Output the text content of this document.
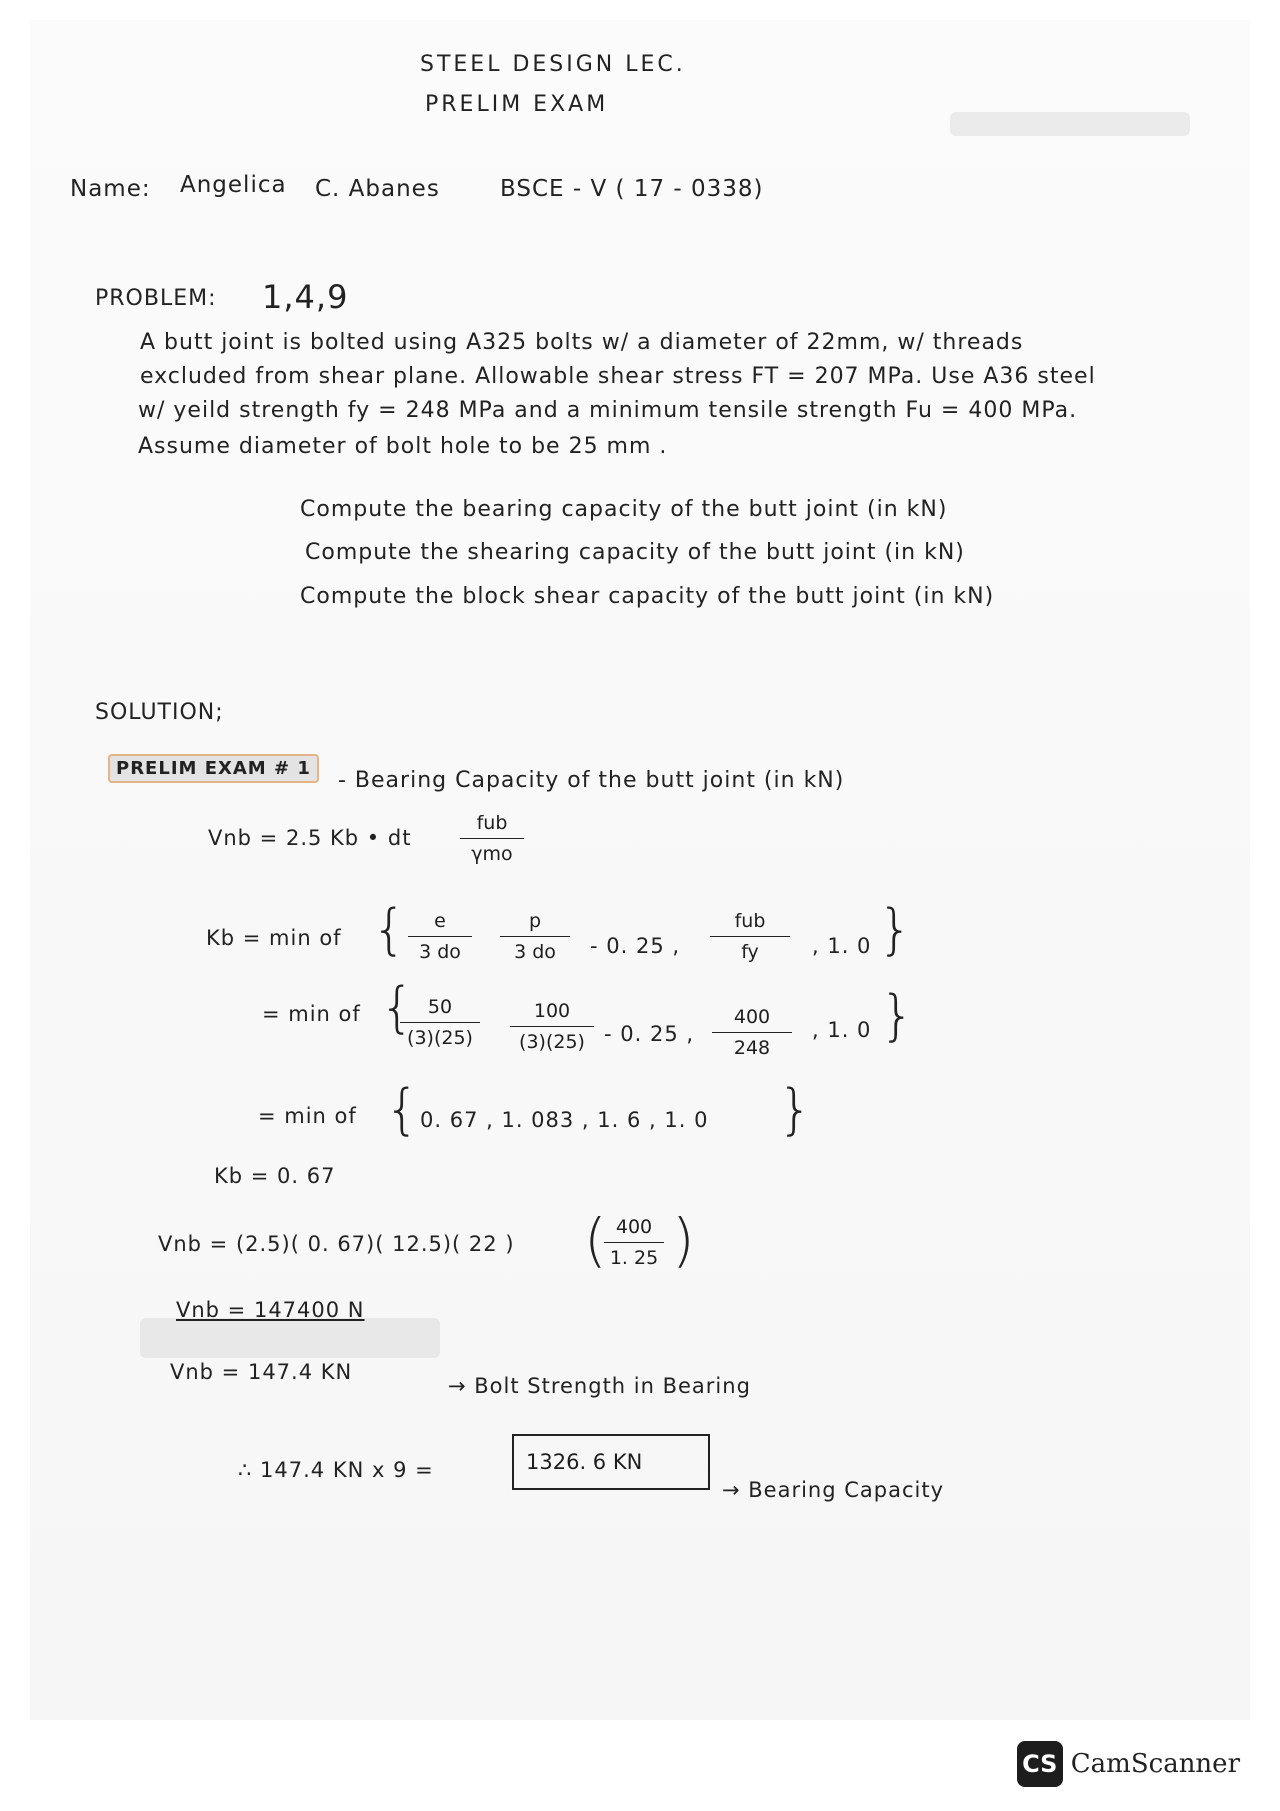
STEEL DESIGN LEC.
PRELIM EXAM
Name: Angelica C. Abanes	BSCE - V ( 17 - 0338)
PROBLEM: 1,4,9
A butt joint is bolted using A325 bolts w/ a diameter of 22mm, w/ threads
excluded from shear plane. Allowable shear stress FT = 207 MPa. Use A36 steel
w/ yeild strength fy = 248 MPa and a minimum tensile strength Fu = 400 MPa.
Assume diameter of bolt hole to be 25 mm .
Compute the bearing capacity of the butt joint (in kN)
Compute the shearing capacity of the butt joint (in kN)
Compute the block shear capacity of the butt joint (in kN)
SOLUTION;
PRELIM EXAM # 1	- Bearing Capacity of the butt joint (in kN)
Vnb = 2.5 Kb • dt
fub
γmo
Kb = min of {	e
3 do
p
3 do	- 0. 25 ,
fub
fy	, 1. 0 }
= min of { 50
(3)(25)
100
(3)(25) - 0. 25 ,
400
248
, 1. 0 }
= min of { 0. 67 , 1. 083 , 1. 6 , 1. 0 }
Kb = 0. 67
Vnb = (2.5)( 0. 67)( 12.5)( 22 ) ( 400
1. 25 )
Vnb = 147400 N
Vnb = 147.4 KN
→ Bolt Strength in Bearing
∴ 147.4 KN x 9 =	1326. 6 KN
→ Bearing Capacity
CS CamScanner
